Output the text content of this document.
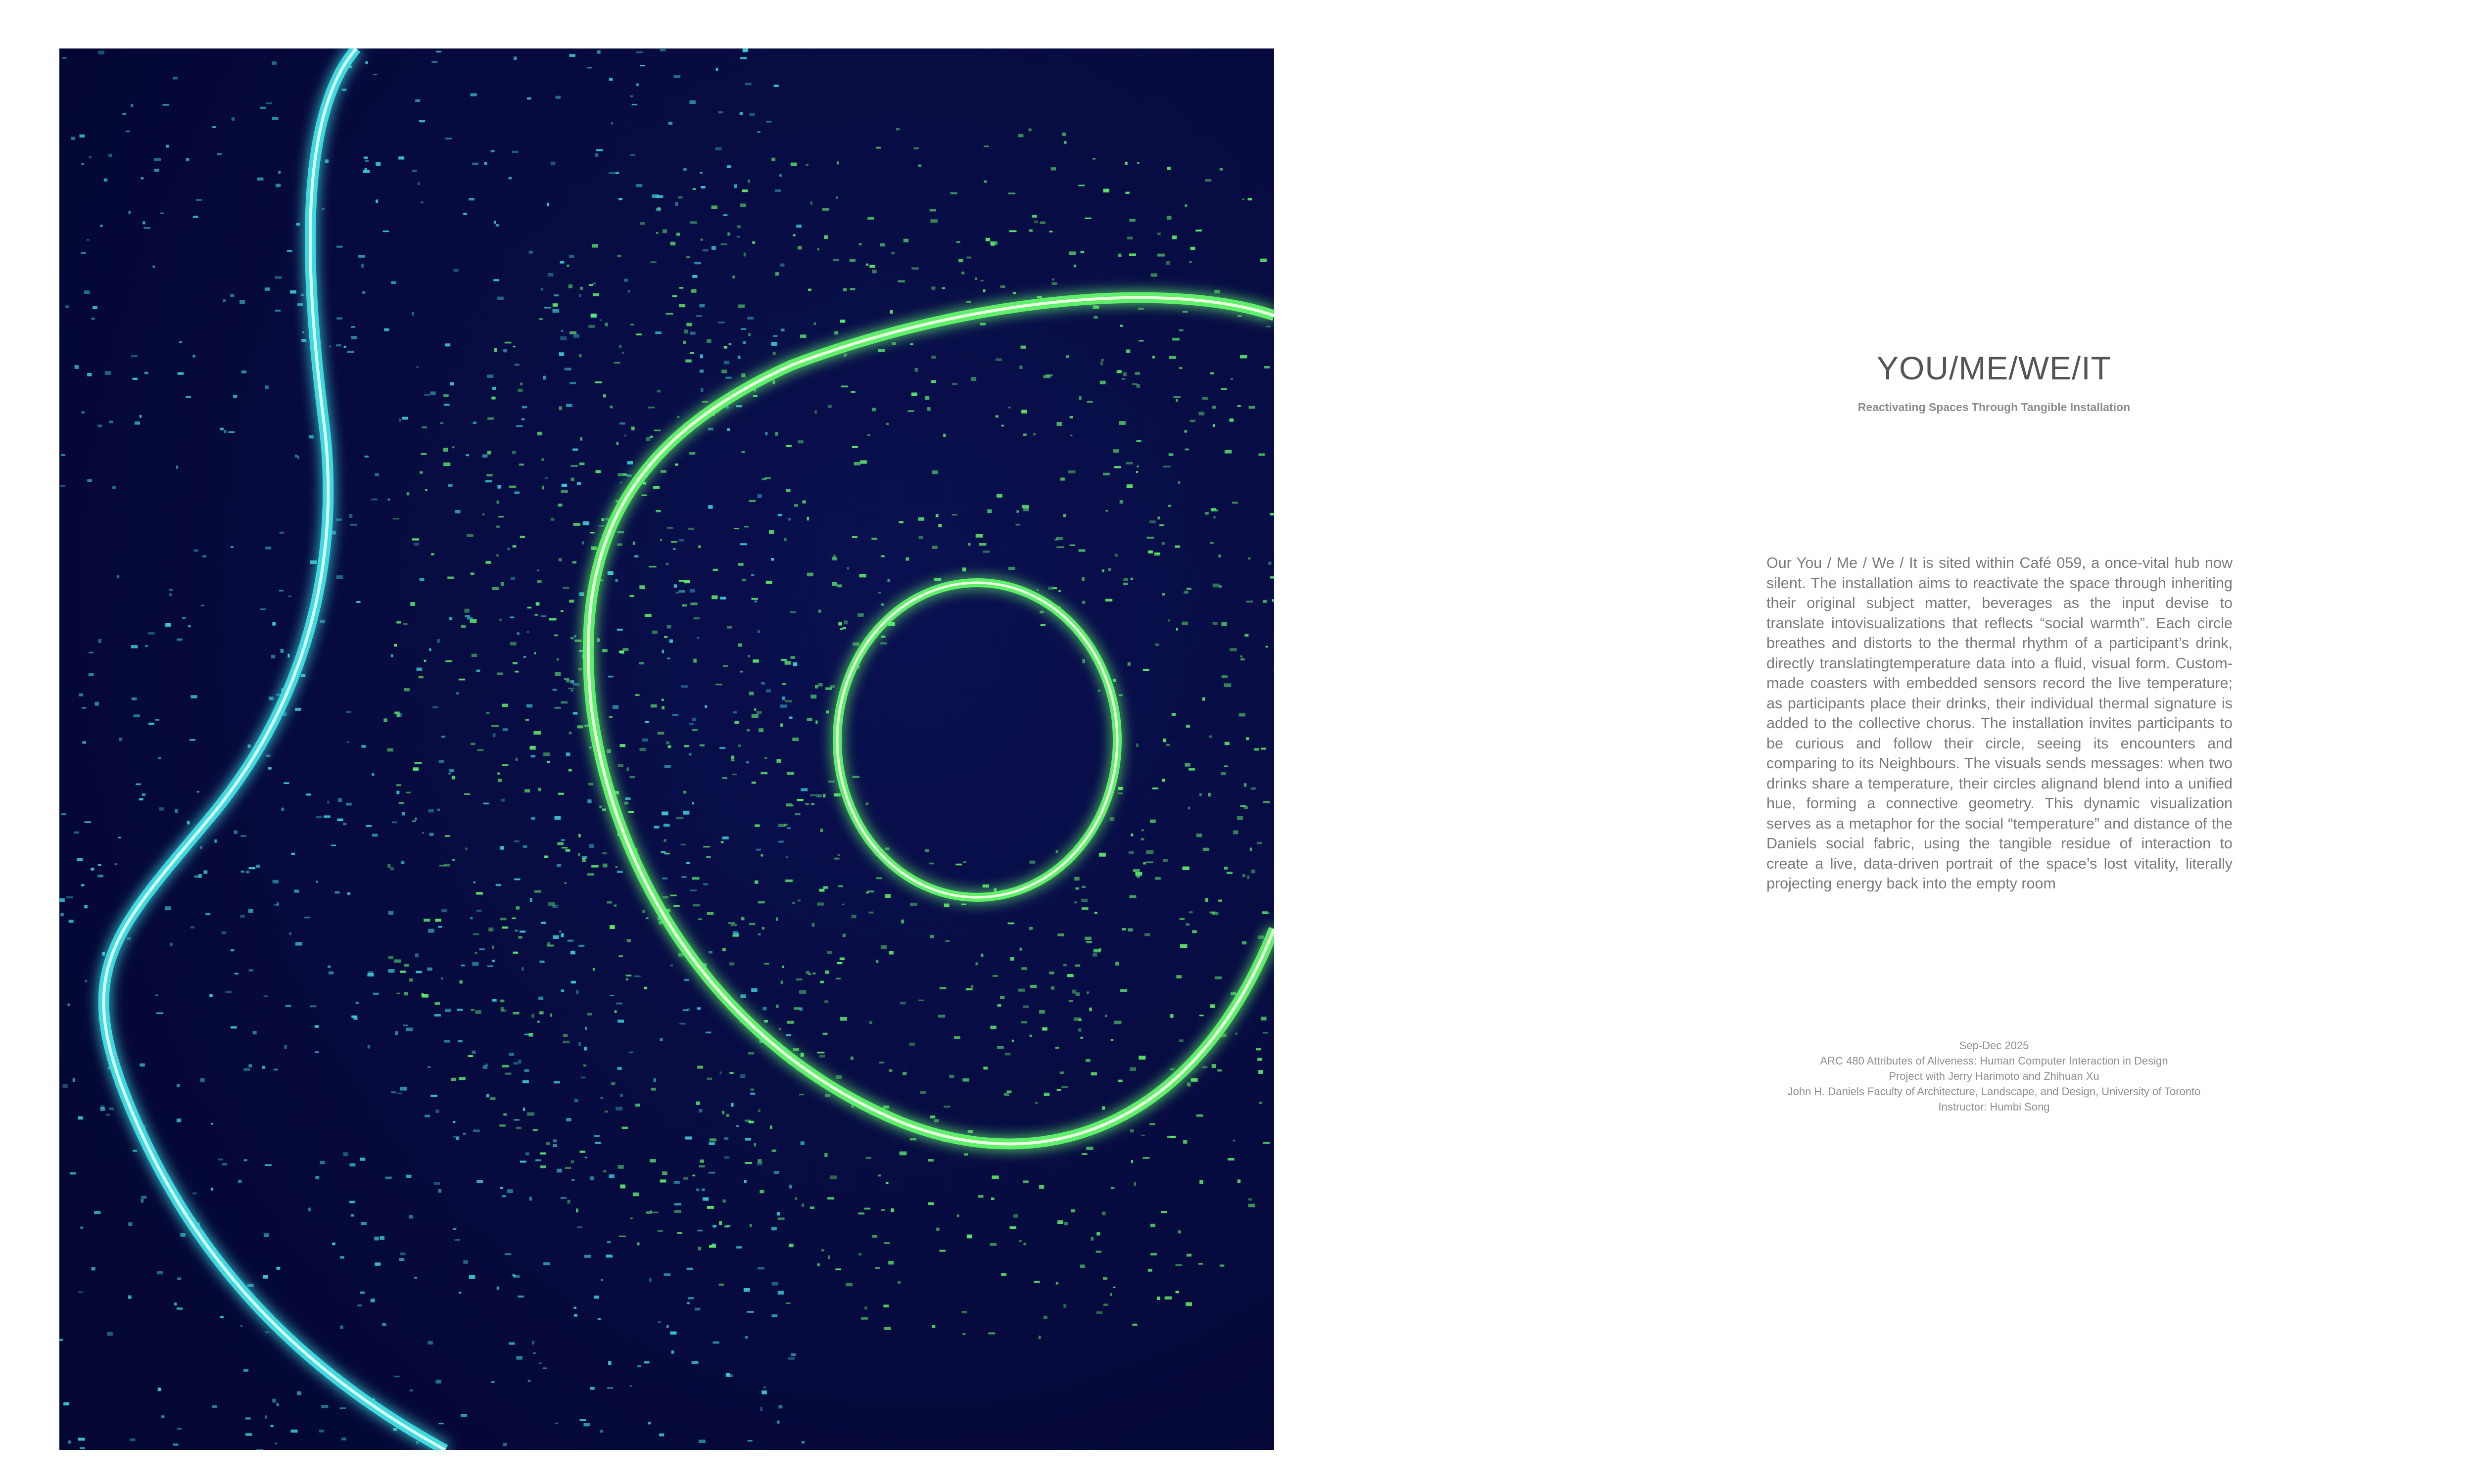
YOU/ME/WE/IT

Reactivating Spaces Through Tangible Installation

Our You / Me / We / It is sited within Café 059, a once-vital hub now silent. The installation aims to reactivate the space through inheriting their original subject matter, beverages as the input devise to translate intovisualizations that reflects “social warmth”. Each circle breathes and distorts to the thermal rhythm of a participant’s drink, directly translatingtemperature data into a fluid, visual form. Custom-made coasters with embedded sensors record the live temperature; as participants place their drinks, their individual thermal signature is added to the collective chorus. The installation invites participants to be curious and follow their circle, seeing its encounters and comparing to its Neighbours. The visuals sends messages: when two drinks share a temperature, their circles alignand blend into a unified hue, forming a connective geometry. This dynamic visualization serves as a metaphor for the social “temperature” and distance of the Daniels social fabric, using the tangible residue of interaction to create a live, data-driven portrait of the space’s lost vitality, literally projecting energy back into the empty room

Sep-Dec 2025
ARC 480 Attributes of Aliveness: Human Computer Interaction in Design
Project with Jerry Harimoto and Zhihuan Xu
John H. Daniels Faculty of Architecture, Landscape, and Design, University of Toronto
Instructor: Humbi Song
